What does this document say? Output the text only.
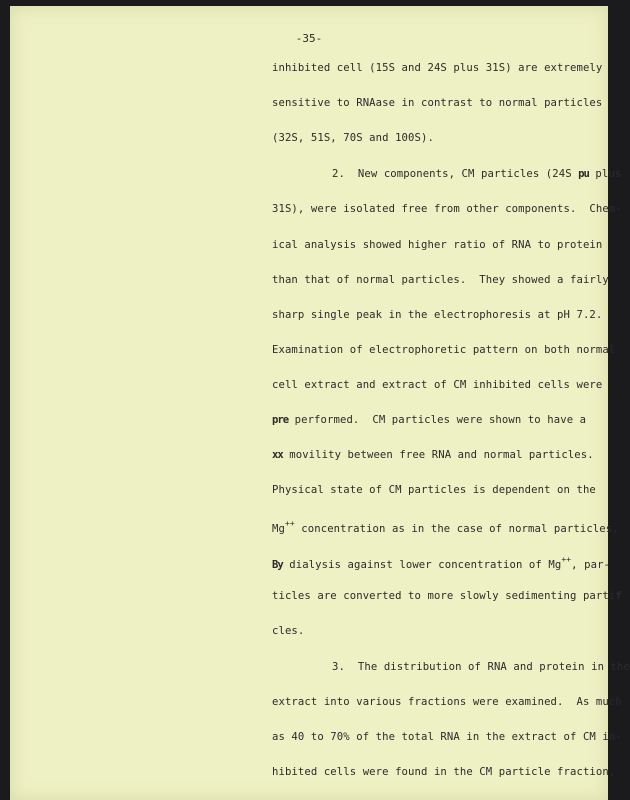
-35-
inhibited cell (15S and 24S plus 31S) are extremely
sensitive to RNAase in contrast to normal particles
(32S, 51S, 70S and 100S).
2.  New components, CM particles (24S pu plus
31S), were isolated free from other components.  Chem-
ical analysis showed higher ratio of RNA to protein
than that of normal particles.  They showed a fairly
sharp single peak in the electrophoresis at pH 7.2.
Examination of electrophoretic pattern on both normal
cell extract and extract of CM inhibited cells were
pre performed.  CM particles were shown to have a
xx movility between free RNA and normal particles.
Physical state of CM particles is dependent on the
Mg++ concentration as in the case of normal particles.
By dialysis against lower concentration of Mg++, par-
ticles are converted to more slowly sedimenting partif
cles.
3.  The distribution of RNA and protein in the
extract into various fractions were examined.  As much
as 40 to 70% of the total RNA in the extract of CM in-
hibited cells were found in the CM particle fraction,
